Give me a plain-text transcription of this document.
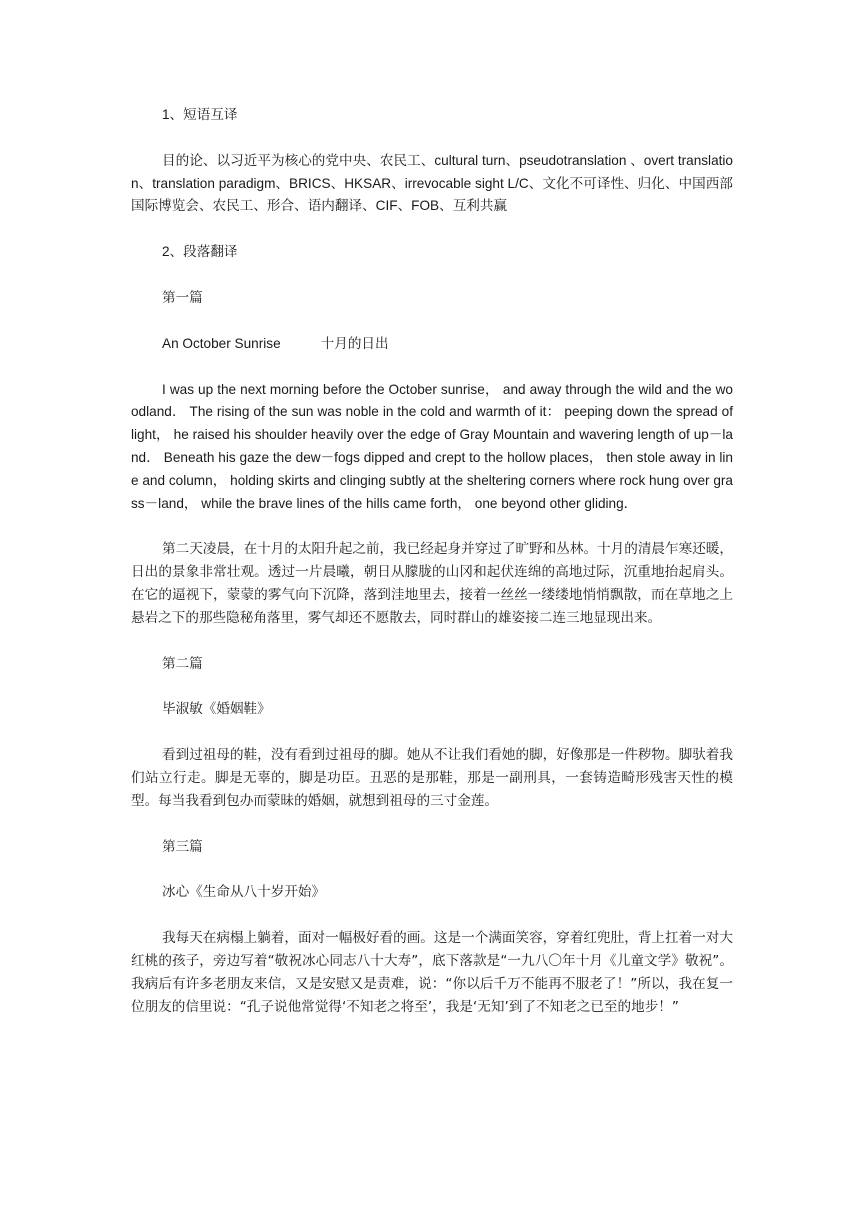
1、短语互译

目的论、以习近平为核心的党中央、农民工、cultural turn、pseudotranslation 、overt translation、translation paradigm、BRICS、HKSAR、irrevocable sight L/C、文化不可译性、归化、中国西部国际博览会、农民工、形合、语内翻译、CIF、FOB、互利共赢

2、段落翻译

第一篇

An October Sunrise	十月的日出

I was up the next morning before the October sunrise， and away through the wild and the woodland． The rising of the sun was noble in the cold and warmth of it： peeping down the spread of light， he raised his shoulder heavily over the edge of Gray Mountain and wavering length of up－land． Beneath his gaze the dew－fogs dipped and crept to the hollow places， then stole away in line and column， holding skirts and clinging subtly at the sheltering corners where rock hung over grass－land， while the brave lines of the hills came forth， one beyond other gliding．

第二天凌晨，在十月的太阳升起之前，我已经起身并穿过了旷野和丛林。十月的清晨乍寒还暖，日出的景象非常壮观。透过一片晨曦，朝日从朦胧的山冈和起伏连绵的高地过际，沉重地抬起肩头。在它的逼视下，蒙蒙的雾气向下沉降，落到洼地里去，接着一丝丝一缕缕地悄悄飘散，而在草地之上悬岩之下的那些隐秘角落里，雾气却还不愿散去，同时群山的雄姿接二连三地显现出来。

第二篇

毕淑敏《婚姻鞋》

看到过祖母的鞋，没有看到过祖母的脚。她从不让我们看她的脚，好像那是一件秽物。脚驮着我们站立行走。脚是无辜的，脚是功臣。丑恶的是那鞋，那是一副刑具，一套铸造畸形残害天性的模型。每当我看到包办而蒙昧的婚姻，就想到祖母的三寸金莲。

第三篇

冰心《生命从八十岁开始》

我每天在病榻上躺着，面对一幅极好看的画。这是一个满面笑容，穿着红兜肚，背上扛着一对大红桃的孩子，旁边写着“敬祝冰心同志八十大寿”，底下落款是“一九八〇年十月《儿童文学》敬祝”。我病后有许多老朋友来信，又是安慰又是责难，说：“你以后千万不能再不服老了！”所以，我在复一位朋友的信里说：“孔子说他常觉得‘不知老之将至’，我是‘无知’到了不知老之已至的地步！”
